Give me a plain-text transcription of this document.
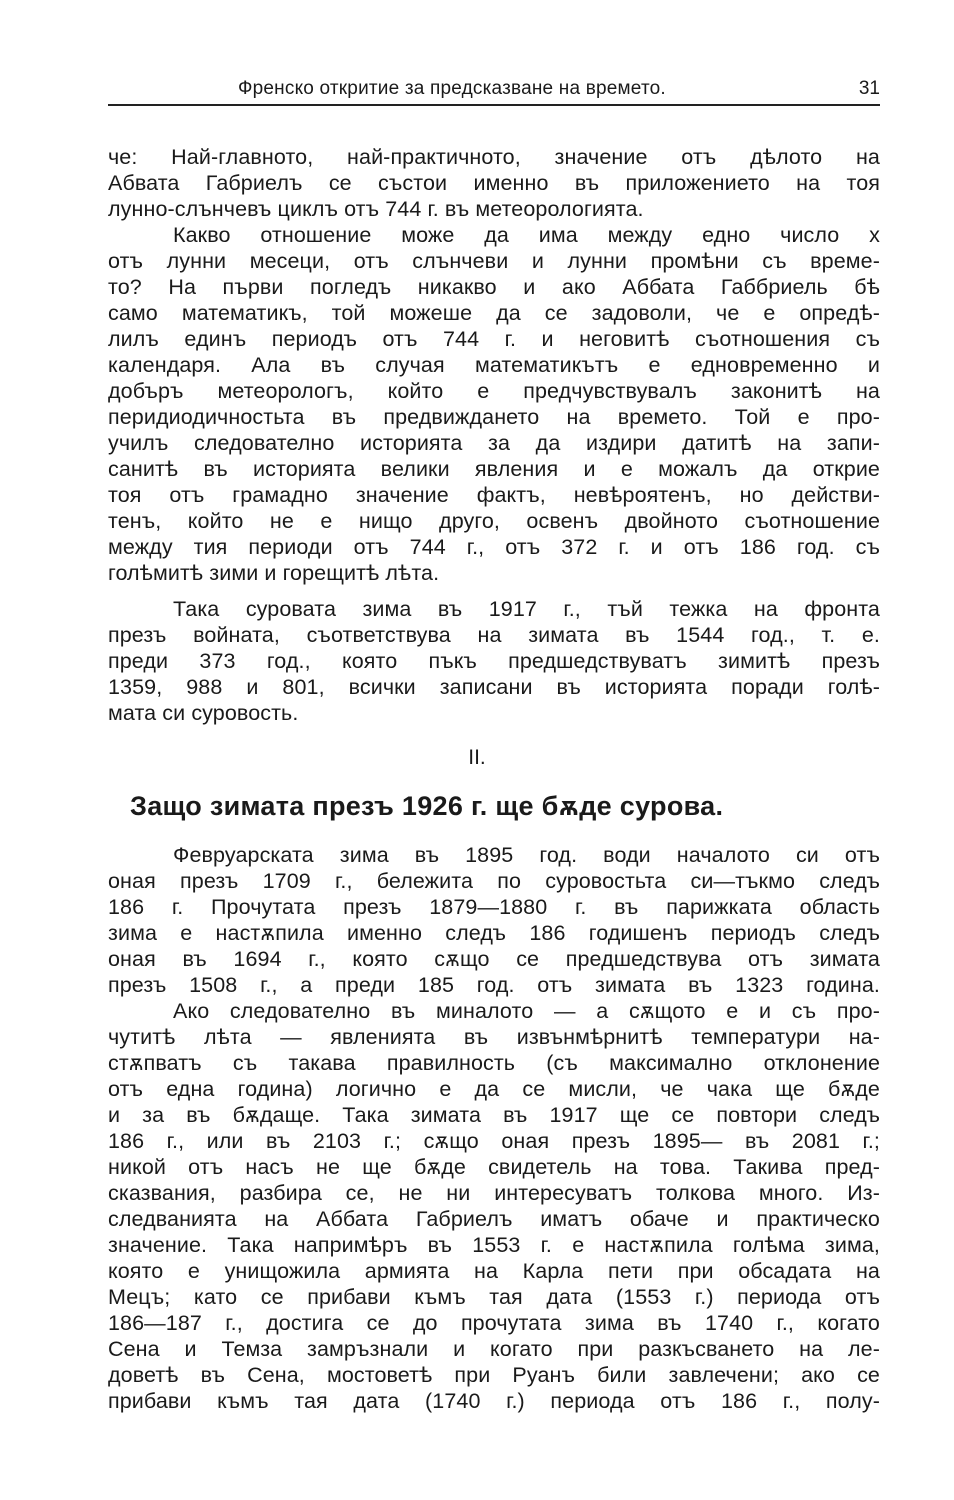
Френско откритие за предсказване на времето.	31
че: Най-главното, най-практичното, значение отъ дѣлото на
Абвата Габриелъ се състои именно въ приложението на тоя
лунно-слънчевъ циклъ отъ 744 г. въ метеорологията.
Какво отношение може да има между едно число x
отъ лунни месеци, отъ слънчеви и лунни промѣни съ време-
то? На първи погледъ никакво и ако Аббата Габбриель бѣ
само математикъ, той можеше да се задоволи, че е опредѣ-
лилъ единъ периодъ отъ 744 г. и неговитѣ съотношения съ
календаря. Ала въ случая математикътъ е едновременно и
добъръ метеорологъ, който е предчувствувалъ законитѣ на
перидиодичностьта въ предвиждането на времето. Той е про-
училъ следователно историята за да издири датитѣ на запи-
санитѣ въ историята велики явления и е можалъ да открие
тоя отъ грамадно значение фактъ, невѣроятенъ, но действи-
тенъ, който не е нищо друго, освенъ двойното съотношение
между тия периоди отъ 744 г., отъ 372 г. и отъ 186 год. съ
голѣмитѣ зими и горещитѣ лѣта.
Така суровата зима въ 1917 г., тъй тежка на фронта
презъ войната, съответствува на зимата въ 1544 год., т. е.
преди 373 год., която пъкъ предшедствуватъ зимитѣ презъ
1359, 988 и 801, всички записани въ историята поради голѣ-
мата си суровость.
II.
Защо зимата презъ 1926 г. ще бѫде сурова.
Февруарската зима въ 1895 год. води началото си отъ
оная презъ 1709 г., бележита по суровостьта си—тъкмо следъ
186 г. Прочутата презъ 1879—1880 г. въ парижката область
зима е настѫпила именно следъ 186 годишенъ периодъ следъ
оная въ 1694 г., която сѫщо се предшедствува отъ зимата
презъ 1508 г., а преди 185 год. отъ зимата въ 1323 година.
Ако следователно въ миналото — а сѫщото е и съ про-
чутитѣ лѣта — явленията въ извънмѣрнитѣ температури на-
стѫпватъ съ такава правилность (съ максимално отклонение
отъ една година) логично е да се мисли, че чака ще бѫде
и за въ бѫдаще. Така зимата въ 1917 ще се повтори следъ
186 г., или въ 2103 г.; сѫщо оная презъ 1895— въ 2081 г.;
никой отъ насъ не ще бѫде свидетель на това. Такива пред-
сказвания, разбира се, не ни интересуватъ толкова много. Из-
следванията на Аббата Габриелъ иматъ обаче и практическо
значение. Така напримѣръ въ 1553 г. е настѫпила голѣма зима,
която е унищожила армията на Карла пети при обсадата на
Мецъ; като се прибави къмъ тая дата (1553 г.) периода отъ
186—187 г., достига се до прочутата зима въ 1740 г., когато
Сена и Темза замръзнали и когато при разкъсването на ле-
доветѣ въ Сена, мостоветѣ при Руанъ били завлечени; ако се
прибави къмъ тая дата (1740 г.) периода отъ 186 г., полу-
